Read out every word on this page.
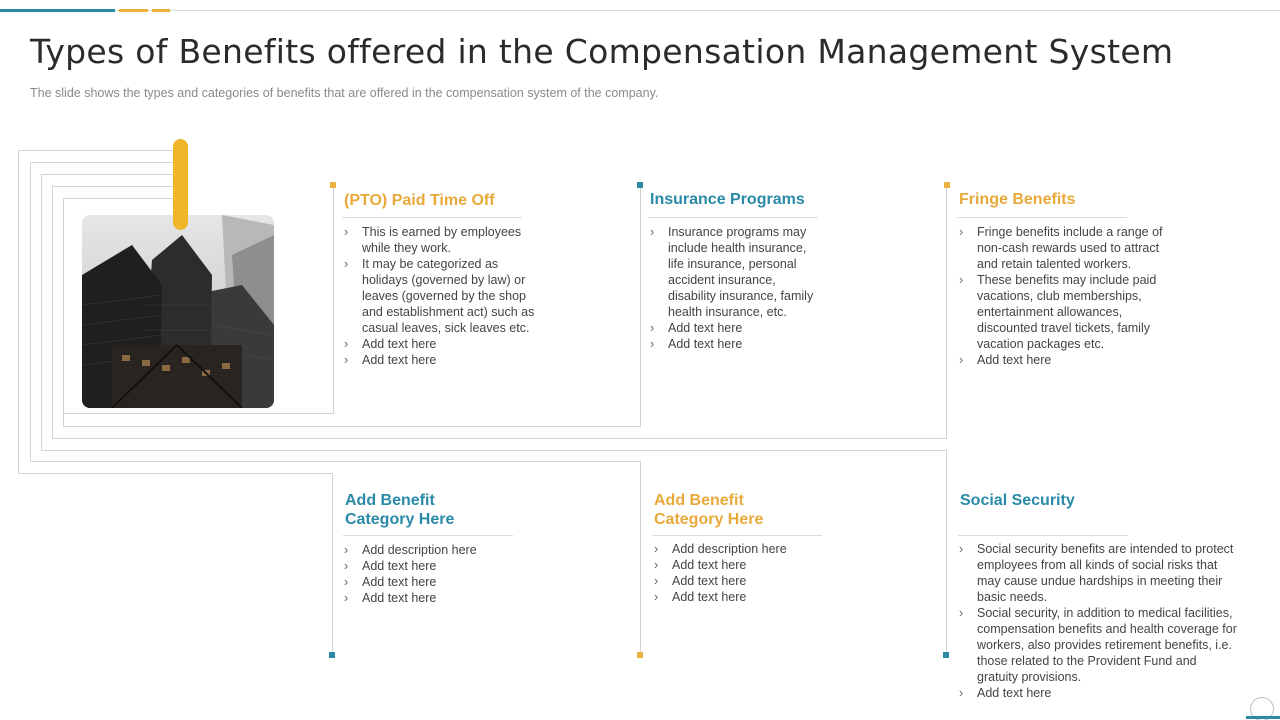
Types of Benefits offered in the Compensation Management System

The slide shows the types and categories of benefits that are offered in the compensation system of the company.

(PTO) Paid Time Off
› This is earned by employees
while they work.
› It may be categorized as
holidays (governed by law) or
leaves (governed by the shop
and establishment act) such as
casual leaves, sick leaves etc.
› Add text here
› Add text here
Insurance Programs
› Insurance programs may
include health insurance,
life insurance, personal
accident insurance,
disability insurance, family
health insurance, etc.
› Add text here
› Add text here
Fringe Benefits
› Fringe benefits include a range of
non-cash rewards used to attract
and retain talented workers.
› These benefits may include paid
vacations, club memberships,
entertainment allowances,
discounted travel tickets, family
vacation packages etc.
› Add text here
Add Benefit
Category Here
› Add description here
› Add text here
› Add text here
› Add text here
Add Benefit
Category Here
› Add description here
› Add text here
› Add text here
› Add text here
Social Security
› Social security benefits are intended to protect
employees from all kinds of social risks that
may cause undue hardships in meeting their
basic needs.
› Social security, in addition to medical facilities,
compensation benefits and health coverage for
workers, also provides retirement benefits, i.e.
those related to the Provident Fund and
gratuity provisions.
› Add text here
